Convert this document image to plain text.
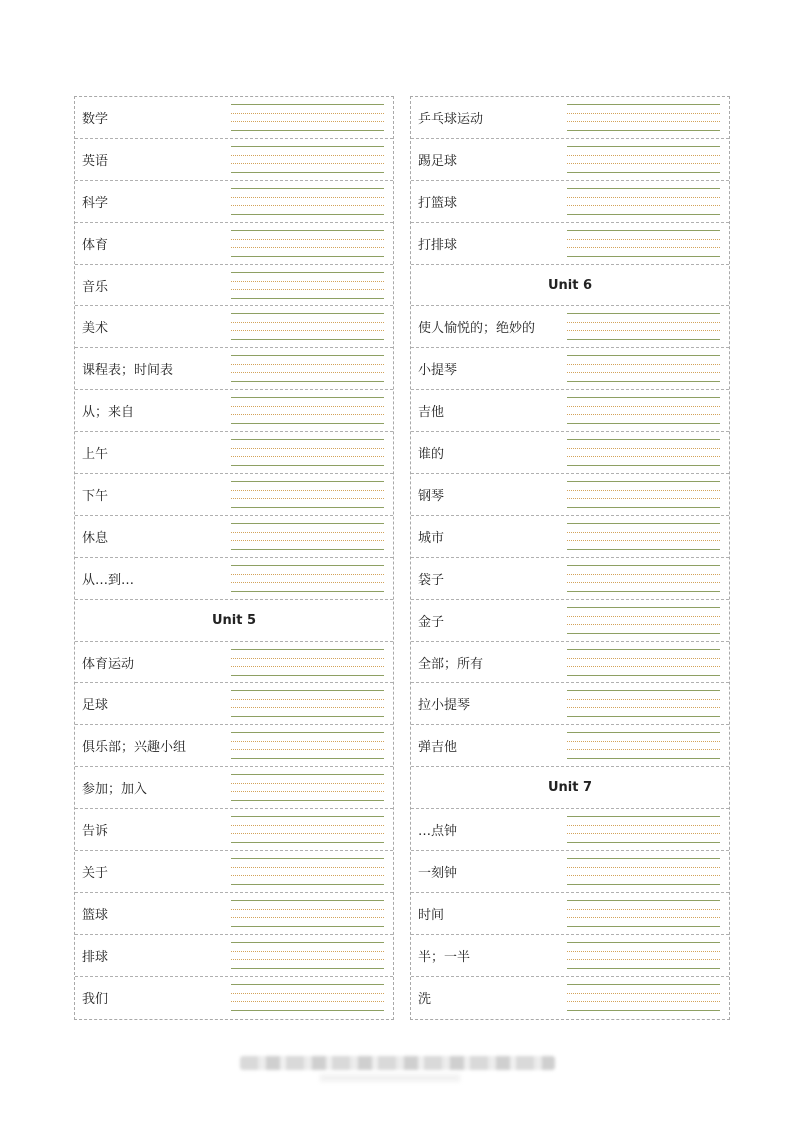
数学
英语
科学
体育
音乐
美术
课程表；时间表
从；来自
上午
下午
休息
从…到…
Unit 5
体育运动
足球
俱乐部；兴趣小组
参加；加入
告诉
关于
篮球
排球
我们
乒乓球运动
踢足球
打篮球
打排球
Unit 6
使人愉悦的；绝妙的
小提琴
吉他
谁的
钢琴
城市
袋子
金子
全部；所有
拉小提琴
弹吉他
Unit 7
…点钟
一刻钟
时间
半；一半
洗
